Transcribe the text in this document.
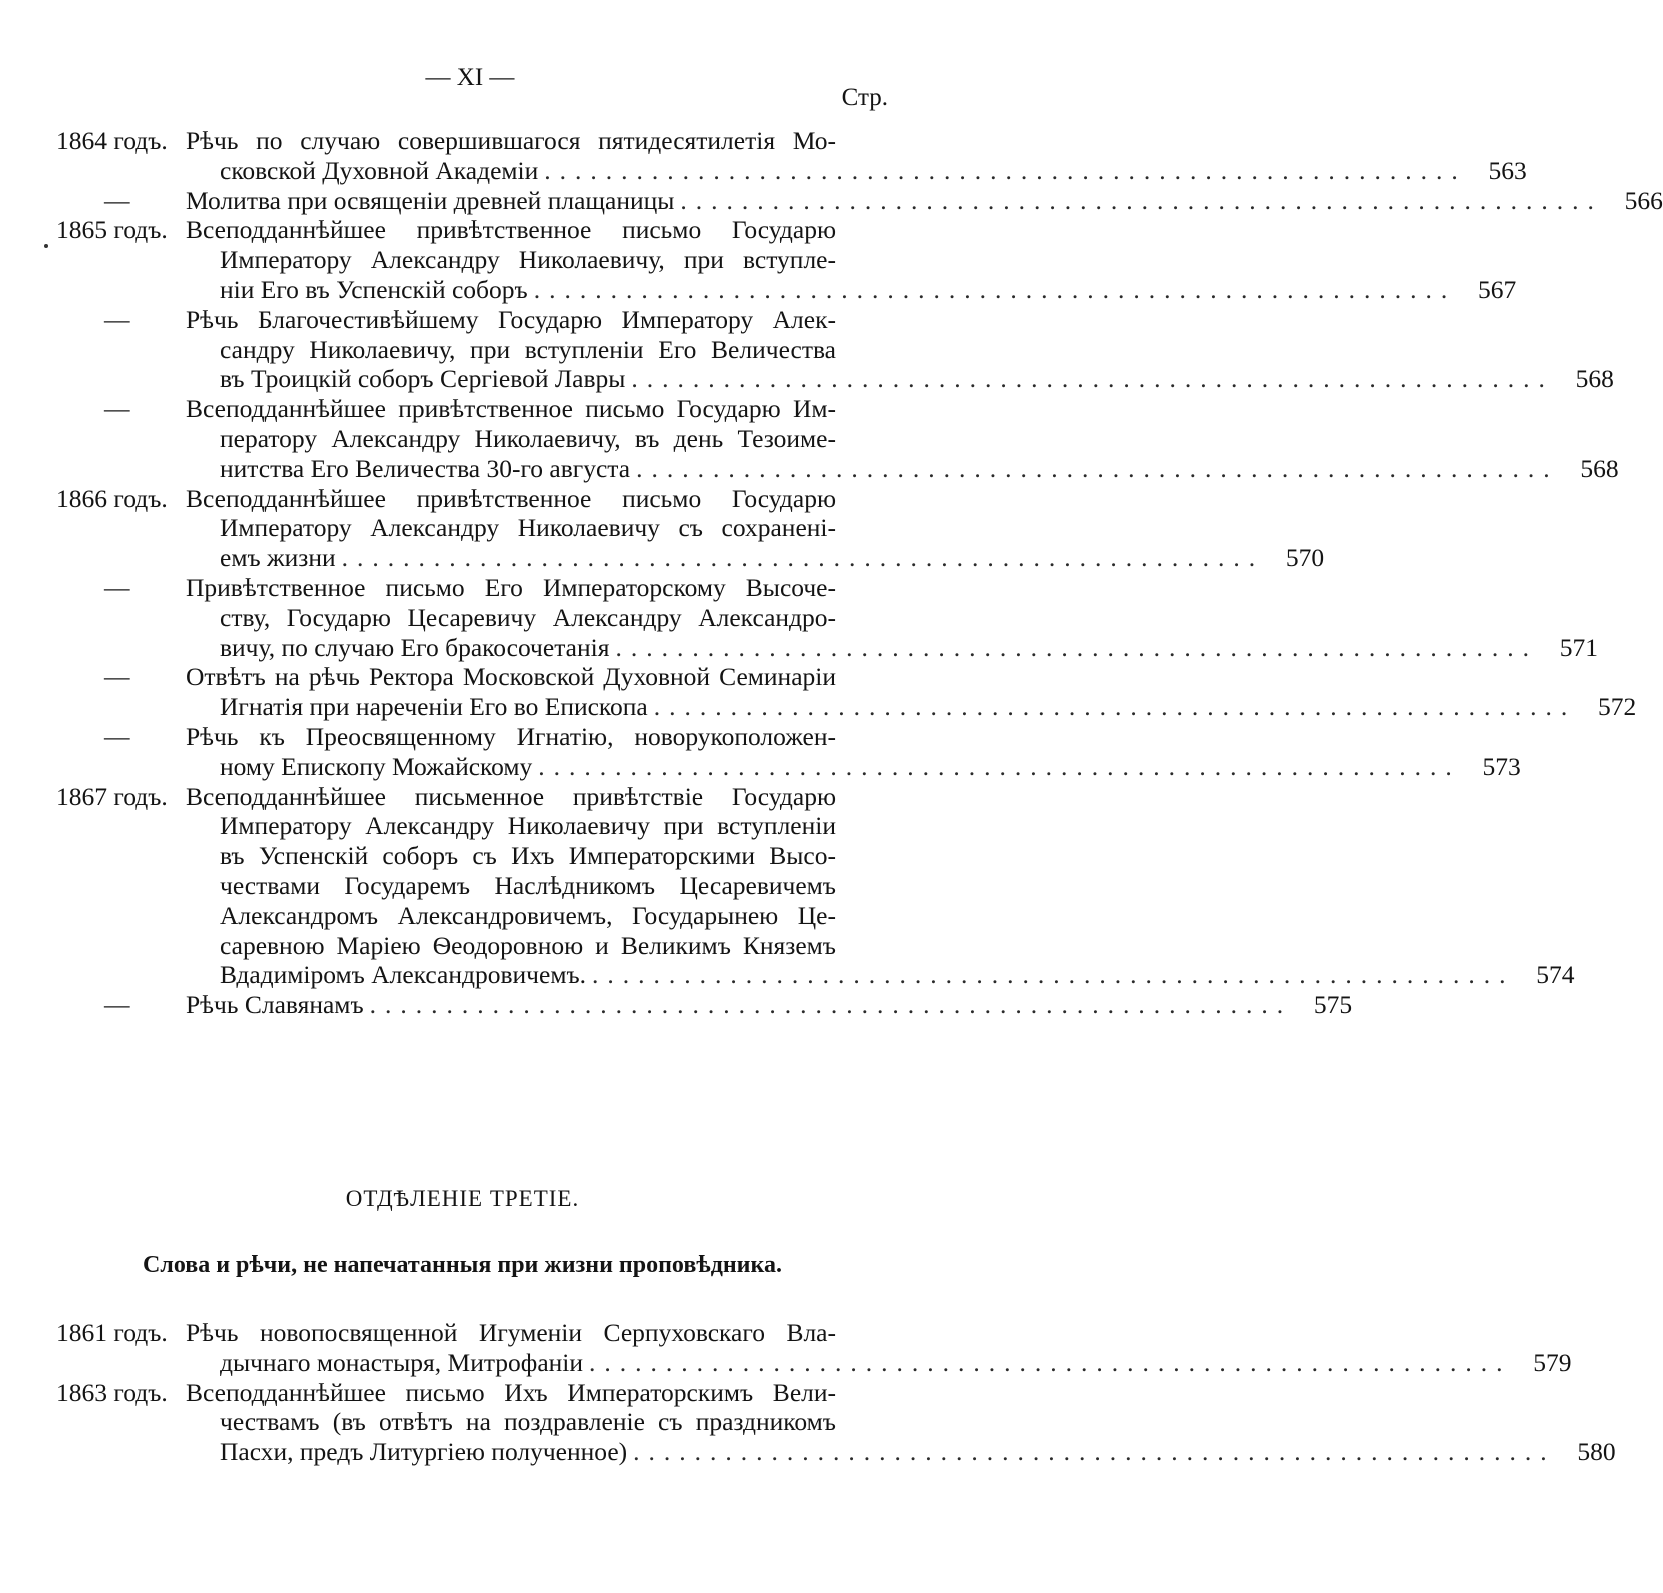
— XI —
Стр.
1864 годъ. Рѣчь по случаю совершившагося пятидесятилетія Мо-
сковской Духовной Академіи ............................................................ 563
—	Молитва при освященіи древней плащаницы ............................................................ 566
1865 годъ. Всеподданнѣйшее привѣтственное письмо Государю
Императору Александру Николаевичу, при вступле-
ніи Его въ Успенскій соборъ ............................................................ 567
—	Рѣчь Благочестивѣйшему Государю Императору Алек-
сандру Николаевичу, при вступленіи Его Величества
въ Троицкій соборъ Сергіевой Лавры ............................................................ 568
—	Всеподданнѣйшее привѣтственное письмо Государю Им-
ператору Александру Николаевичу, въ день Тезоиме-
нитства Его Величества 30-го августа ............................................................ 568
1866 годъ. Всеподданнѣйшее привѣтственное письмо Государю
Императору Александру Николаевичу съ сохраненi-
емъ жизни ............................................................ 570
—	Привѣтственное письмо Его Императорскому Высоче-
ству, Государю Цесаревичу Александру Александро-
вичу, по случаю Его бракосочетанія ............................................................ 571
—	Отвѣтъ на рѣчь Ректора Московской Духовной Семинаріи
Игнатія при нареченіи Его во Епископа ............................................................ 572
—	Рѣчь къ Преосвященному Игнатію, новорукоположен-
ному Епископу Можайскому ............................................................ 573
1867 годъ. Всеподданнѣйшее письменное привѣтствіе Государю
Императору Александру Николаевичу при вступленіи
въ Успенскій соборъ съ Ихъ Императорскими Высо-
чествами Государемъ Наслѣдникомъ Цесаревичемъ
Александромъ Александровичемъ, Государынею Це-
саревною Маріею Ѳеодоровною и Великимъ Княземъ
Вдадиміромъ Александровичемъ. ............................................................ 574
—	Рѣчь Славянамъ ............................................................ 575
ОТДѢЛЕНІЕ ТРЕТІЕ.
Слова и рѣчи, не напечатанныя при жизни проповѣдника.
1861 годъ. Рѣчь новопосвященной Игуменіи Серпуховскаго Вла-
дычнаго монастыря, Митрофаніи ............................................................ 579
1863 годъ. Всеподданнѣйшее письмо Ихъ Императорскимъ Вели-
чествамъ (въ отвѣтъ на поздравленіе съ праздникомъ
Пасхи, предъ Литургіею полученное) ............................................................ 580
